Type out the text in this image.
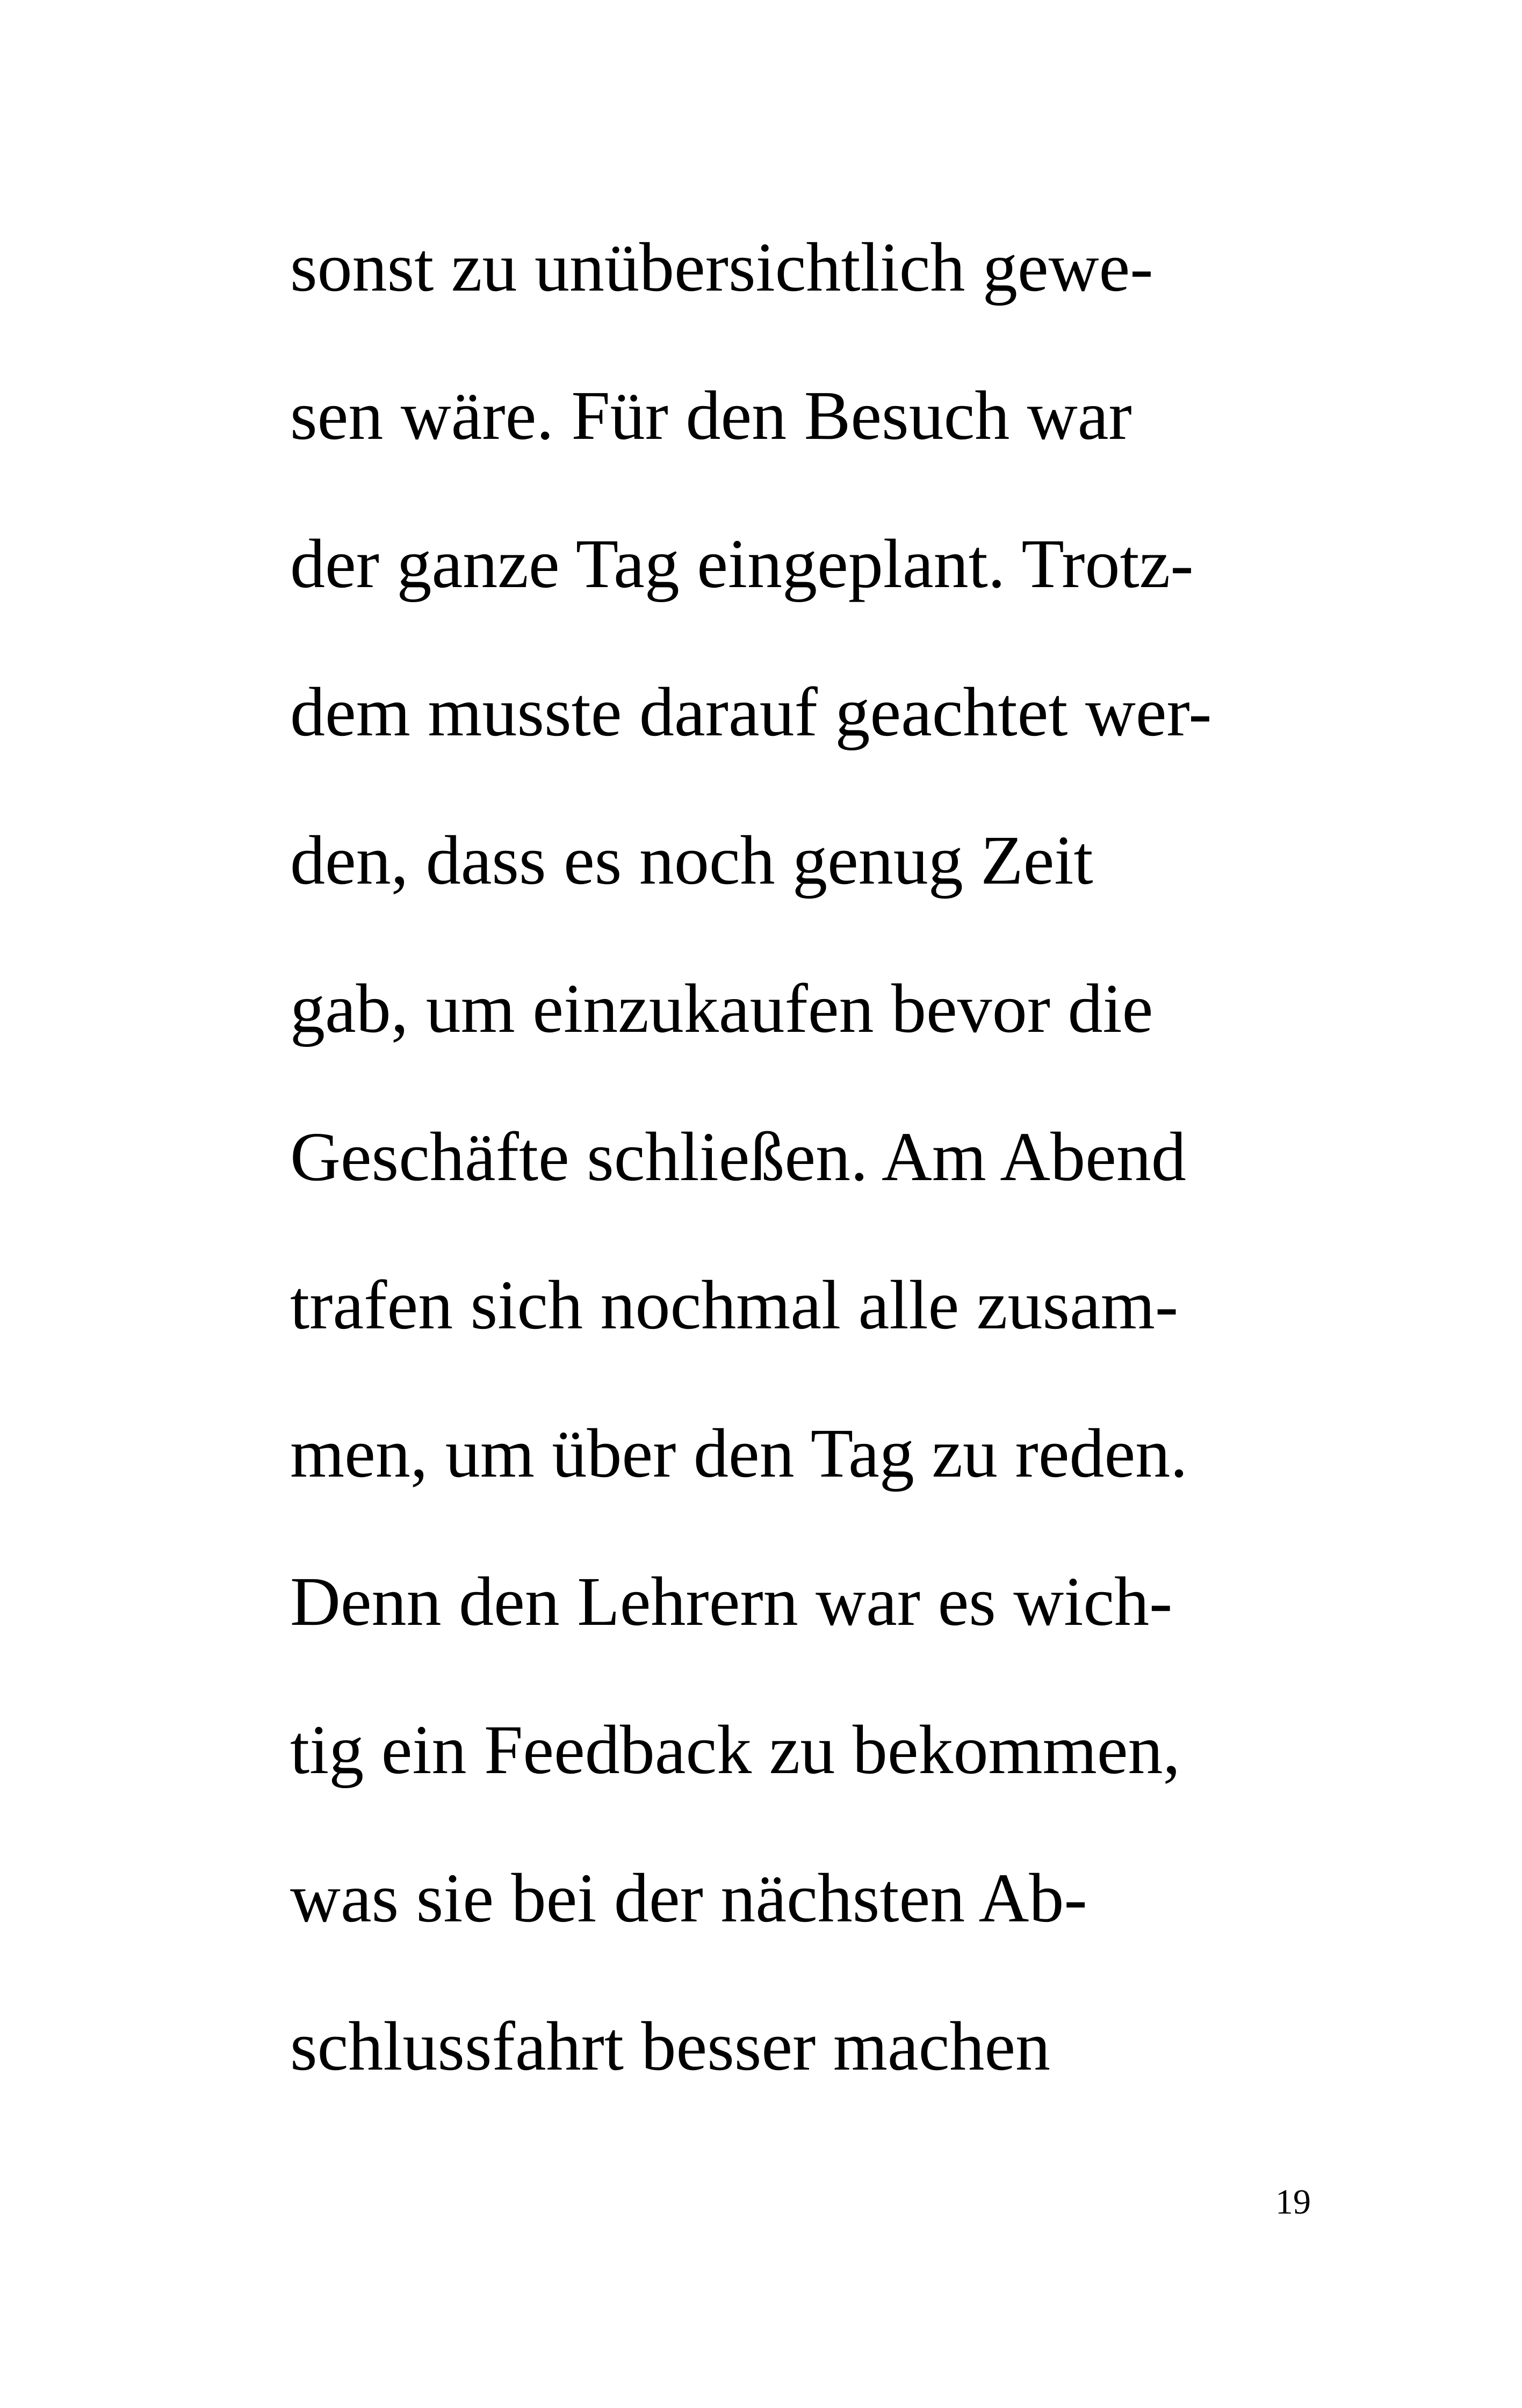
sonst zu unübersichtlich gewe-
sen wäre. Für den Besuch war
der ganze Tag eingeplant. Trotz-
dem musste darauf geachtet wer-
den, dass es noch genug Zeit
gab, um einzukaufen bevor die
Geschäfte schließen. Am Abend
trafen sich nochmal alle zusam-
men, um über den Tag zu reden.
Denn den Lehrern war es wich-
tig ein Feedback zu bekommen,
was sie bei der nächsten Ab-
schlussfahrt besser machen
19
